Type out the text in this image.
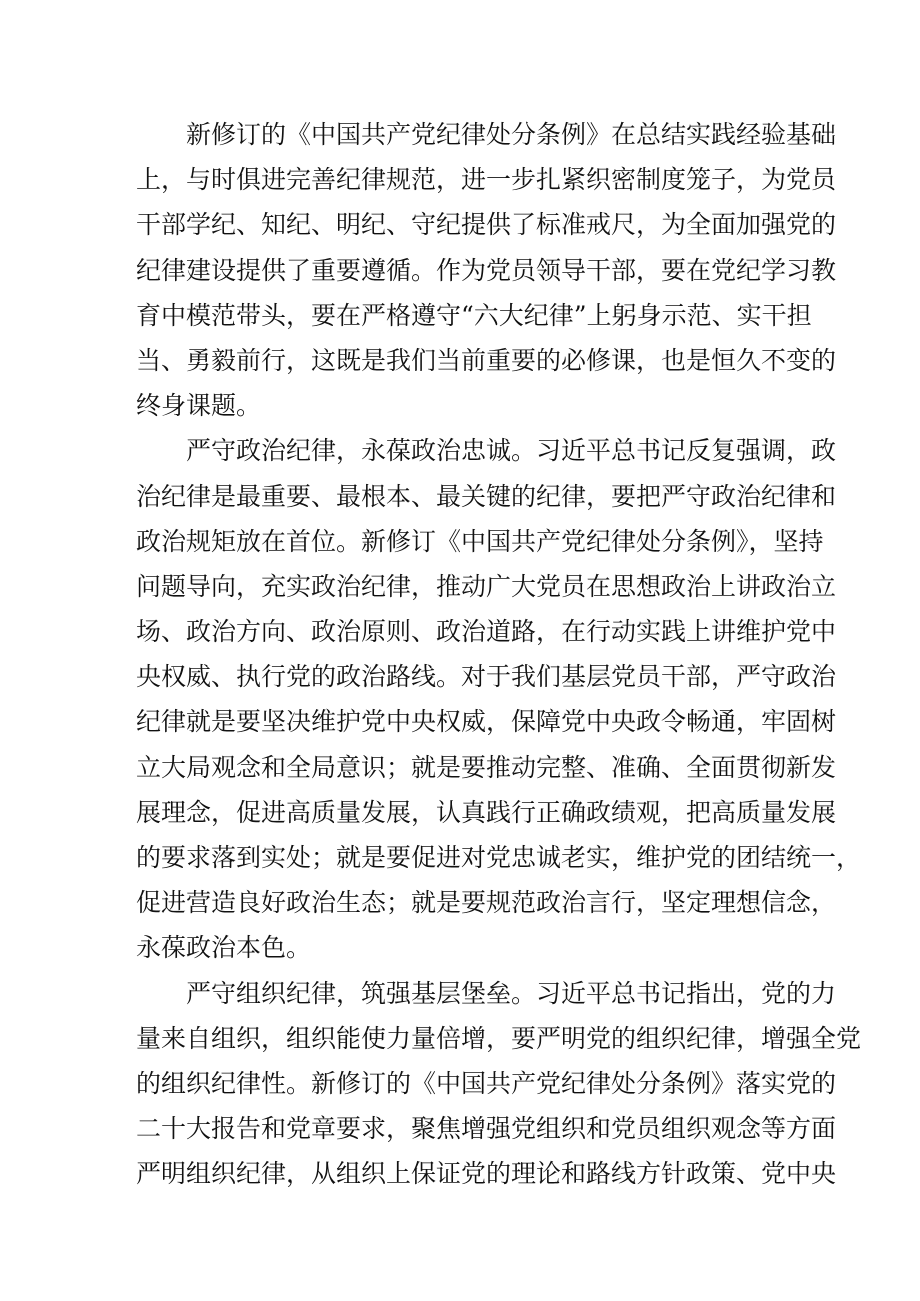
新修订的《中国共产党纪律处分条例》在总结实践经验基础
上，与时俱进完善纪律规范，进一步扎紧织密制度笼子，为党员
干部学纪、知纪、明纪、守纪提供了标准戒尺，为全面加强党的
纪律建设提供了重要遵循。作为党员领导干部，要在党纪学习教
育中模范带头，要在严格遵守“六大纪律”上躬身示范、实干担
当、勇毅前行，这既是我们当前重要的必修课，也是恒久不变的
终身课题。
严守政治纪律，永葆政治忠诚。习近平总书记反复强调，政
治纪律是最重要、最根本、最关键的纪律，要把严守政治纪律和
政治规矩放在首位。新修订《中国共产党纪律处分条例》，坚持
问题导向，充实政治纪律，推动广大党员在思想政治上讲政治立
场、政治方向、政治原则、政治道路，在行动实践上讲维护党中
央权威、执行党的政治路线。对于我们基层党员干部，严守政治
纪律就是要坚决维护党中央权威，保障党中央政令畅通，牢固树
立大局观念和全局意识；就是要推动完整、准确、全面贯彻新发
展理念，促进高质量发展，认真践行正确政绩观，把高质量发展
的要求落到实处；就是要促进对党忠诚老实，维护党的团结统一，
促进营造良好政治生态；就是要规范政治言行，坚定理想信念，
永葆政治本色。
严守组织纪律，筑强基层堡垒。习近平总书记指出，党的力
量来自组织，组织能使力量倍增，要严明党的组织纪律，增强全党
的组织纪律性。新修订的《中国共产党纪律处分条例》落实党的
二十大报告和党章要求，聚焦增强党组织和党员组织观念等方面
严明组织纪律，从组织上保证党的理论和路线方针政策、党中央
